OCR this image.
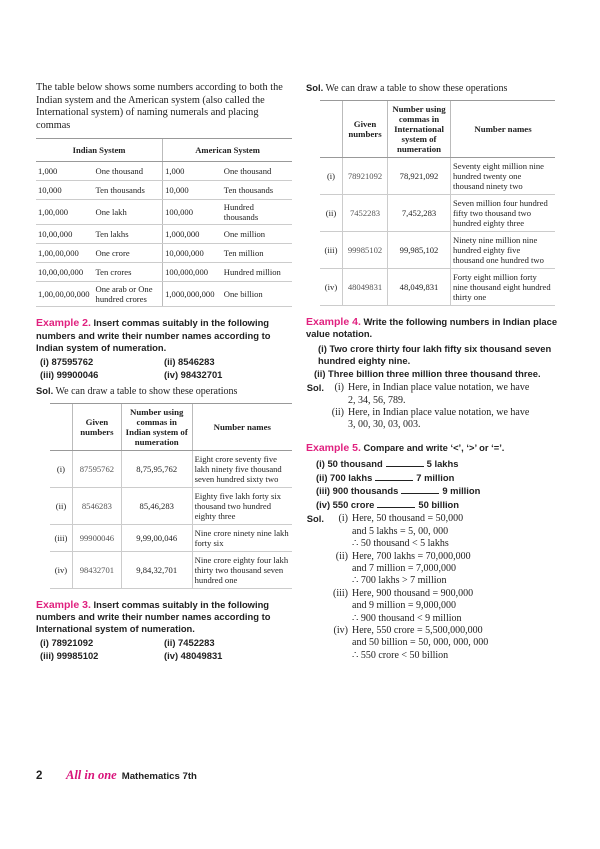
The table below shows some numbers according to both the Indian system and the American system (also called the International system) of naming numerals and placing commas

Indian System		American System	
1,000	One thousand	1,000	One thousand
10,000	Ten thousands	10,000	Ten thousands
1,00,000	One lakh	100,000	Hundred thousands
10,00,000	Ten lakhs	1,000,000	One million
1,00,00,000	One crore	10,000,000	Ten million
10,00,00,000	Ten crores	100,000,000	Hundred million
1,00,00,00,000	One arab or One hundred crores	1,000,000,000	One billion
Example 2. Insert commas suitably in the following numbers and write their number names according to Indian system of numeration.
(i) 87595762	(ii) 8546283
(iii) 99900046	(iv) 98432701

Sol. We can draw a table to show these operations

	Given numbers	Number using commas in Indian system of numeration	Number names
(i)	87595762	8,75,95,762	Eight crore seventy five lakh ninety five thousand seven hundred sixty two
(ii)	8546283	85,46,283	Eighty five lakh forty six thousand two hundred eighty three
(iii)	99900046	9,99,00,046	Nine crore ninety nine lakh forty six
(iv)	98432701	9,84,32,701	Nine crore eighty four lakh thirty two thousand seven hundred one
Example 3. Insert commas suitably in the following numbers and write their number names according to International system of numeration.
(i) 78921092	(ii) 7452283
(iii) 99985102	(iv) 48049831

Sol. We can draw a table to show these operations

	Given numbers	Number using commas in International system of numeration	Number names
(i)	78921092	78,921,092	Seventy eight million nine hundred twenty one thousand ninety two
(ii)	7452283	7,452,283	Seven million four hundred fifty two thousand two hundred eighty three
(iii)	99985102	99,985,102	Ninety nine million nine hundred eighty five thousand one hundred two
(iv)	48049831	48,049,831	Forty eight million forty nine thousand eight hundred thirty one
Example 4. Write the following numbers in Indian place value notation.
(i) Two crore thirty four lakh fifty six thousand seven hundred eighty nine.
(ii) Three billion three million three thousand three.
Sol.	(i) Here, in Indian place value notation, we have
2, 34, 56, 789.
(ii) Here, in Indian place value notation, we have
3, 00, 30, 03, 003.
Example 5. Compare and write ‘<’, ‘>’ or ‘=’.
(i) 50 thousand	5 lakhs
(ii) 700 lakhs	7 million
(iii) 900 thousands	9 million
(iv) 550 crore	50 billion
Sol.	(i) Here, 50 thousand = 50,000
and 5 lakhs = 5, 00, 000
∴ 50 thousand < 5 lakhs
(ii) Here, 700 lakhs = 70,000,000
and 7 million = 7,000,000
∴ 700 lakhs > 7 million
(iii) Here, 900 thousand = 900,000
and 9 million = 9,000,000
∴ 900 thousand < 9 million
(iv) Here, 550 crore = 5,500,000,000
and 50 billion = 50, 000, 000, 000
∴ 550 crore < 50 billion
2	All in one Mathematics 7th
